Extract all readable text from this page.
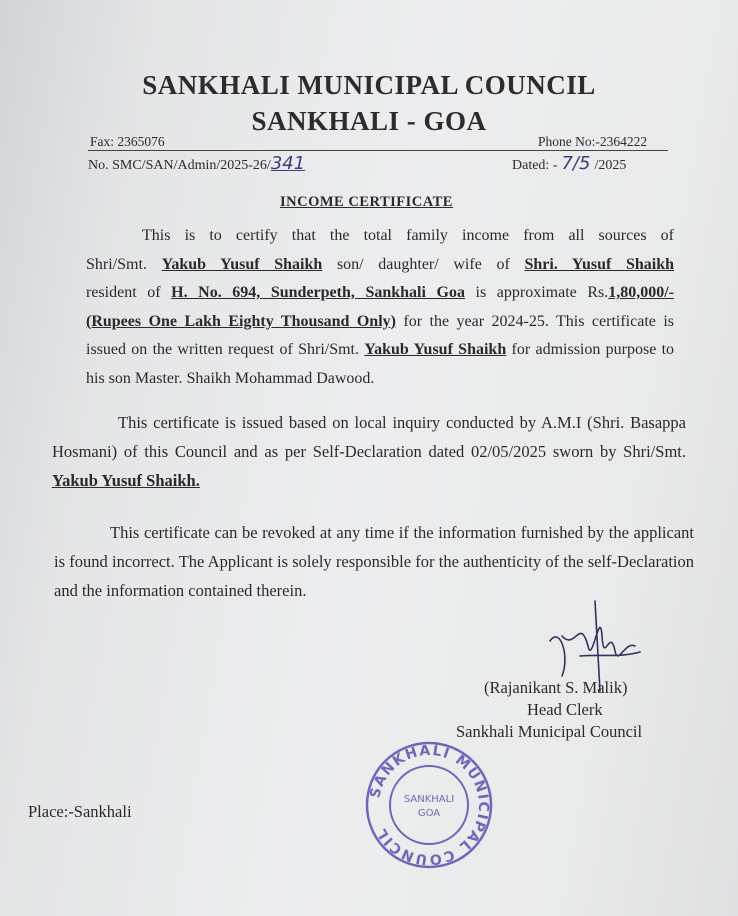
SANKHALI MUNICIPAL COUNCIL
SANKHALI - GOA
Fax: 2365076	Phone No:-2364222
No. SMC/SAN/Admin/2025-26/341	Dated: - 7/5 /2025
INCOME CERTIFICATE
This is to certify that the total family income from all sources of
Shri/Smt. Yakub Yusuf Shaikh son/ daughter/ wife of Shri. Yusuf Shaikh
resident of H. No. 694, Sunderpeth, Sankhali Goa is approximate Rs.1,80,000/-
(Rupees One Lakh Eighty Thousand Only) for the year 2024-25. This certificate is issued on the written request of Shri/Smt. Yakub Yusuf Shaikh for admission purpose to his son Master. Shaikh Mohammad Dawood.
This certificate is issued based on local inquiry conducted by A.M.I (Shri. Basappa Hosmani) of this Council and as per Self-Declaration dated 02/05/2025 sworn by Shri/Smt. Yakub Yusuf Shaikh.
This certificate can be revoked at any time if the information furnished by the applicant is found incorrect. The Applicant is solely responsible for the authenticity of the self-Declaration and the information contained therein.
(Rajanikant S. Malik)
Head Clerk
Sankhali Municipal Council
Place:-Sankhali
SANKHALI MUNICIPAL COUNCIL
SANKHALI
GOA
